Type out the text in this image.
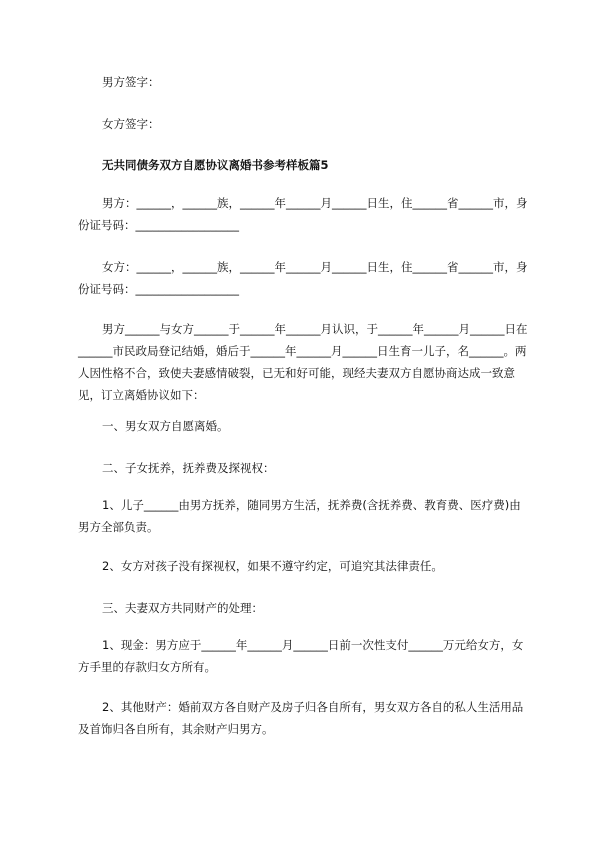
男方签字：

女方签字：

无共同债务双方自愿协议离婚书参考样板篇5

男方：______，______族，______年______月______日生，住______省______市，身份证号码：__________________

女方：______，______族，______年______月______日生，住______省______市，身份证号码：__________________

男方______与女方______于______年______月认识，于______年______月______日在______市民政局登记结婚，婚后于______年______月______日生育一儿子，名______。两人因性格不合，致使夫妻感情破裂，已无和好可能，现经夫妻双方自愿协商达成一致意见，订立离婚协议如下：

一、男女双方自愿离婚。

二、子女抚养，抚养费及探视权：

1、儿子______由男方抚养，随同男方生活，抚养费(含抚养费、教育费、医疗费)由男方全部负责。

2、女方对孩子没有探视权，如果不遵守约定，可追究其法律责任。

三、夫妻双方共同财产的处理：

1、现金：男方应于______年______月______日前一次性支付______万元给女方，女方手里的存款归女方所有。

2、其他财产：婚前双方各自财产及房子归各自所有，男女双方各自的私人生活用品及首饰归各自所有，其余财产归男方。
